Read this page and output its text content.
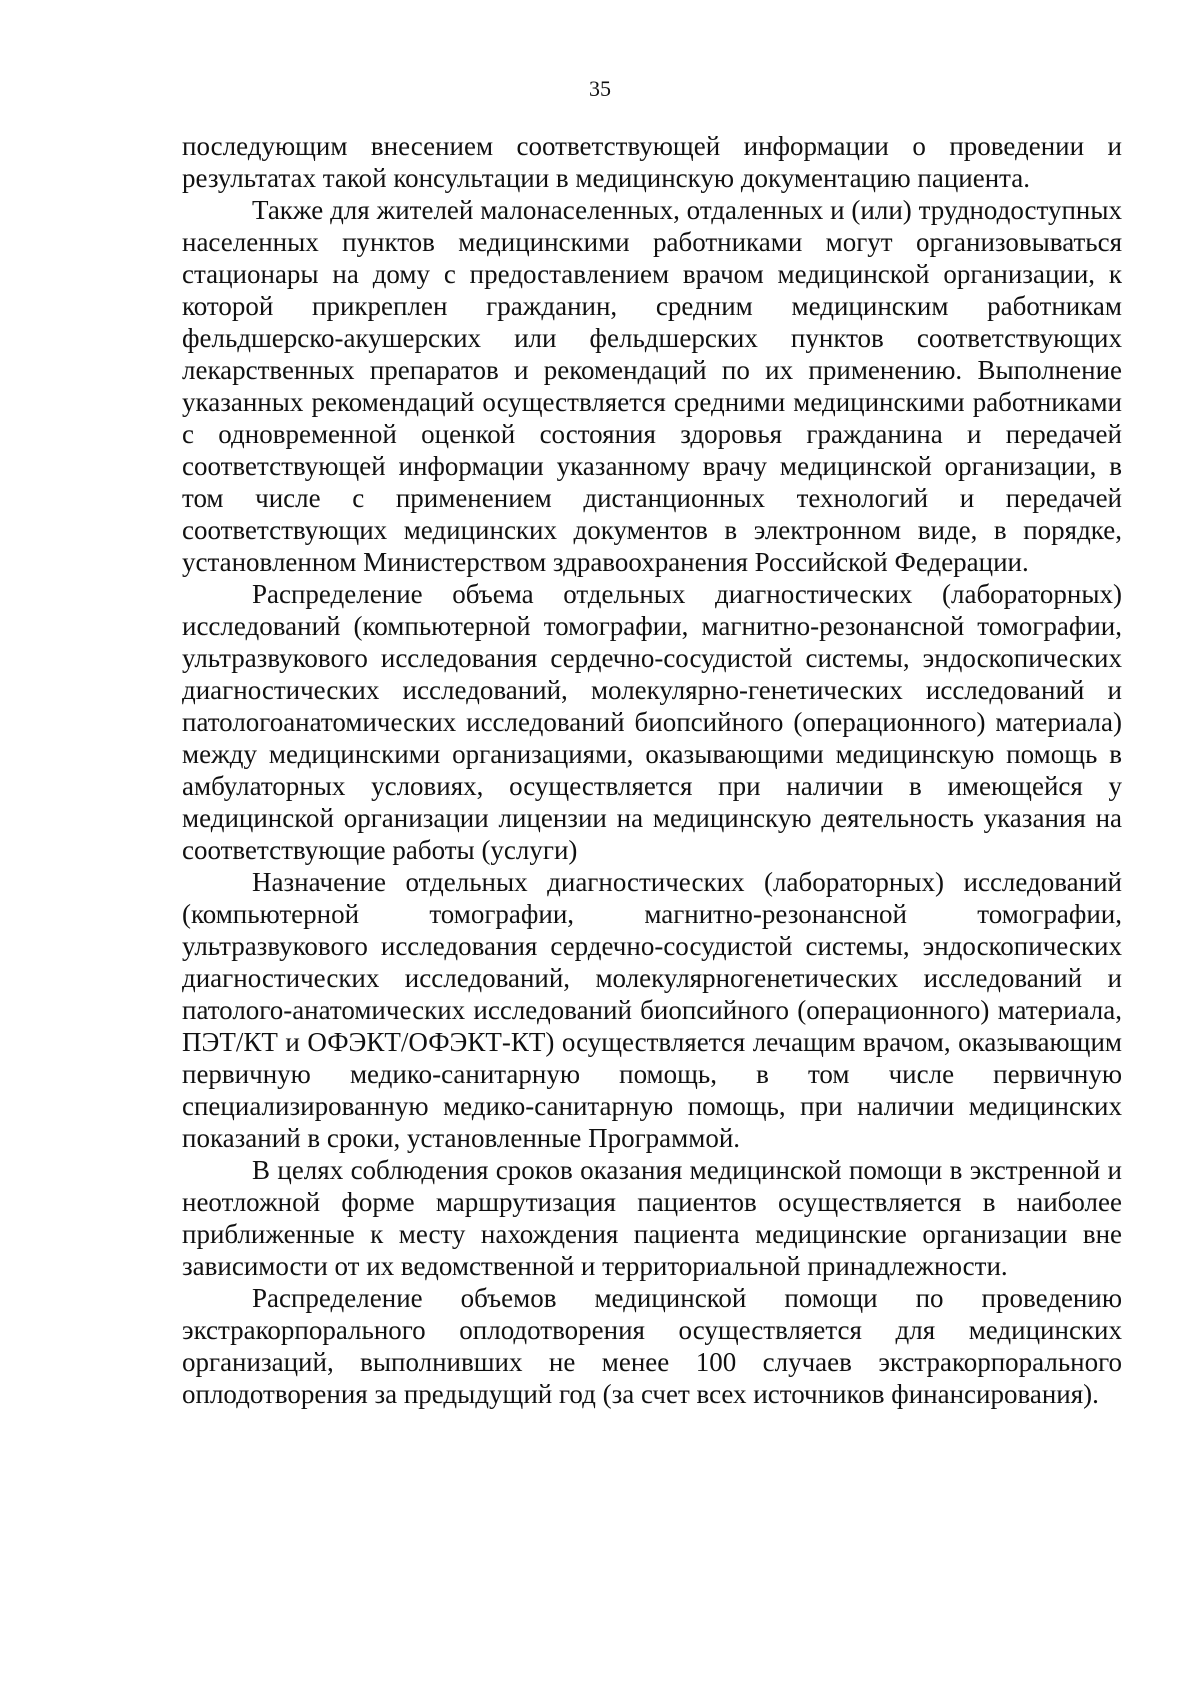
35

последующим внесением соответствующей информации о проведении и результатах такой консультации в медицинскую документацию пациента.

Также для жителей малонаселенных, отдаленных и (или) труднодоступных населенных пунктов медицинскими работниками могут организовываться стационары на дому с предоставлением врачом медицинской организации, к которой прикреплен гражданин, средним медицинским работникам фельдшерско-акушерских или фельдшерских пунктов соответствующих лекарственных препаратов и рекомендаций по их применению. Выполнение указанных рекомендаций осуществляется средними медицинскими работниками с одновременной оценкой состояния здоровья гражданина и передачей соответствующей информации указанному врачу медицинской организации, в том числе с применением дистанционных технологий и передачей соответствующих медицинских документов в электронном виде, в порядке, установленном Министерством здравоохранения Российской Федерации.

Распределение объема отдельных диагностических (лабораторных) исследований (компьютерной томографии, магнитно-резонансной томографии, ультразвукового исследования сердечно-сосудистой системы, эндоскопических диагностических исследований, молекулярно-генетических исследований и патологоанатомических исследований биопсийного (операционного) материала) между медицинскими организациями, оказывающими медицинскую помощь в амбулаторных условиях, осуществляется при наличии в имеющейся у медицинской организации лицензии на медицинскую деятельность указания на соответствующие работы (услуги)

Назначение отдельных диагностических (лабораторных) исследований (компьютерной томографии, магнитно-резонансной томографии, ультразвукового исследования сердечно-сосудистой системы, эндоскопических диагностических исследований, молекулярногенетических исследований и патолого-анатомических исследований биопсийного (операционного) материала, ПЭТ/КТ и ОФЭКТ/ОФЭКТ-КТ) осуществляется лечащим врачом, оказывающим первичную медико-санитарную помощь, в том числе первичную специализированную медико-санитарную помощь, при наличии медицинских показаний в сроки, установленные Программой.

В целях соблюдения сроков оказания медицинской помощи в экстренной и неотложной форме маршрутизация пациентов осуществляется в наиболее приближенные к месту нахождения пациента медицинские организации вне зависимости от их ведомственной и территориальной принадлежности.

Распределение объемов медицинской помощи по проведению экстракорпорального оплодотворения осуществляется для медицинских организаций, выполнивших не менее 100 случаев экстракорпорального оплодотворения за предыдущий год (за счет всех источников финансирования).
